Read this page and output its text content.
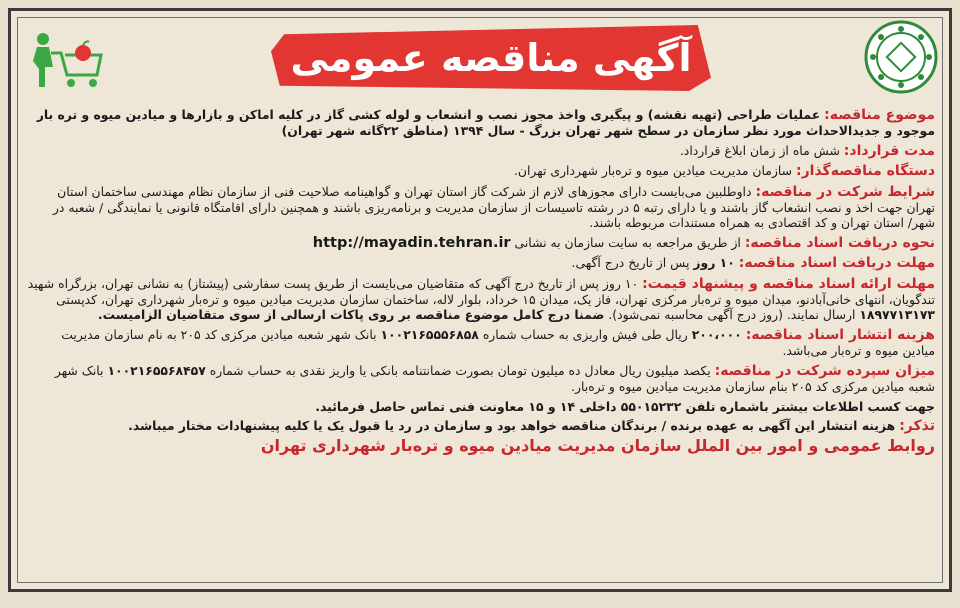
آگهی مناقصه عمومی
موضوع مناقصه: عملیات طراحی (تهیه نقشه) و پیگیری واخذ مجوز نصب و انشعاب و لوله کشی گاز در کلیه اماکن و بازارها و میادین میوه و تره بار موجود و جدیدالاحداث مورد نظر سازمان در سطح شهر تهران بزرگ - سال ۱۳۹۴ (مناطق ۲۲گانه شهر تهران)
مدت قرارداد: شش ماه از زمان ابلاغ قرارداد.
دستگاه مناقصه‌گذار: سازمان مدیریت میادین میوه و تره‌بار شهرداری تهران.
شرایط شرکت در مناقصه: داوطلبین می‌بایست دارای مجوزهای لازم از شرکت گاز استان تهران و گواهینامه صلاحیت فنی از سازمان نظام مهندسی ساختمان استان تهران جهت اخذ و نصب انشعاب گاز باشند و یا دارای رتبه ۵ در رشته تاسیسات از سازمان مدیریت و برنامه‌ریزی باشند و همچنین دارای اقامتگاه قانونی یا نمایندگی / شعبه در شهر/ استان تهران و کد اقتصادی به همراه مستندات مربوطه باشند.
نحوه دریافت اسناد مناقصه: از طریق مراجعه به سایت سازمان به نشانی http://mayadin.tehran.ir
مهلت دریافت اسناد مناقصه: ۱۰ روز پس از تاریخ درج آگهی.
مهلت ارائه اسناد مناقصه و پیشنهاد قیمت: ۱۰ روز پس از تاریخ درج آگهی که متقاضیان می‌بایست از طریق پست سفارشی (پیشتاز) به نشانی تهران، بزرگراه شهید تندگویان، انتهای خانی‌آبادنو، میدان میوه و تره‌بار مرکزی تهران، فاز یک، میدان ۱۵ خرداد، بلوار لاله، ساختمان سازمان مدیریت میادین میوه و تره‌بار شهرداری تهران، کدپستی ۱۸۹۷۷۱۳۱۷۳ ارسال نمایند. (روز درج آگهی محاسبه نمی‌شود). ضمنا درج کامل موضوع مناقصه بر روی پاکات ارسالی از سوی متقاضیان الزامیست.
هزینه انتشار اسناد مناقصه: ۲۰۰،۰۰۰ ریال طی فیش واریزی به حساب شماره ۱۰۰۲۱۶۵۵۵۶۸۵۸ بانک شهر شعبه میادین مرکزی کد ۲۰۵ به نام سازمان مدیریت میادین میوه و تره‌بار می‌باشد.
میزان سپرده شرکت در مناقصه: یکصد میلیون ریال معادل ده میلیون تومان بصورت ضمانتنامه بانکی یا واریز نقدی به حساب شماره ۱۰۰۲۱۶۵۵۶۸۴۵۷ بانک شهر شعبه میادین مرکزی کد ۲۰۵ بنام سازمان مدیریت میادین میوه و تره‌بار.
جهت کسب اطلاعات بیشتر باشماره تلفن ۵۵۰۱۵۲۳۲ داخلی ۱۴ و ۱۵ معاونت فنی تماس حاصل فرمائید.
تذکر: هزینه انتشار این آگهی به عهده برنده / برندگان مناقصه خواهد بود و سازمان در رد یا قبول یک یا کلیه پیشنهادات مختار میباشد.
روابط عمومی و امور بین الملل سازمان مدیریت میادین میوه و تره‌بار شهرداری تهران
